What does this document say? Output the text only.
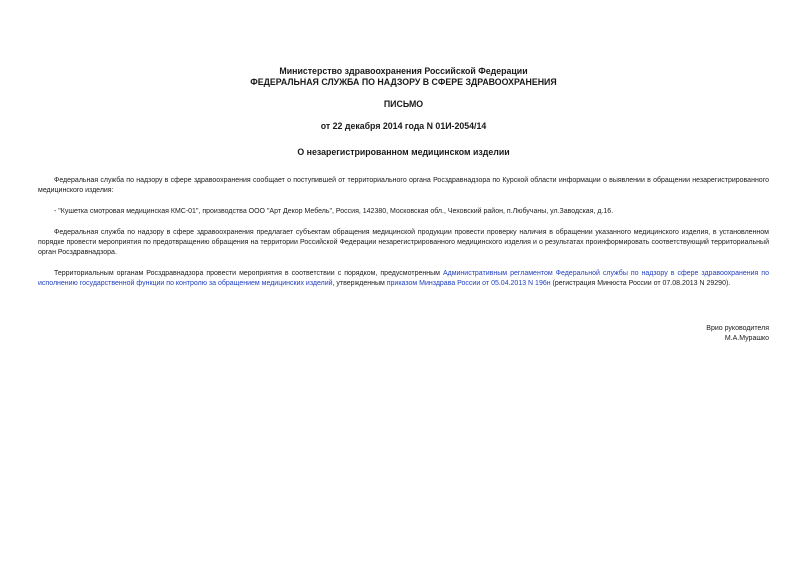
Министерство здравоохранения Российской Федерации
ФЕДЕРАЛЬНАЯ СЛУЖБА ПО НАДЗОРУ В СФЕРЕ ЗДРАВООХРАНЕНИЯ
ПИСЬМО
от 22 декабря 2014 года N 01И-2054/14
О незарегистрированном медицинском изделии

Федеральная служба по надзору в сфере здравоохранения сообщает о поступившей от территориального органа Росздравнадзора по Курской области информации о выявлении в обращении незарегистрированного медицинского изделия:

- "Кушетка смотровая медицинская КМС-01", производства ООО "Арт Декор Мебель", Россия, 142380, Московская обл., Чеховский район, п.Любучаны, ул.Заводская, д.16.

Федеральная служба по надзору в сфере здравоохранения предлагает субъектам обращения медицинской продукции провести проверку наличия в обращении указанного медицинского изделия, в установленном порядке провести мероприятия по предотвращению обращения на территории Российской Федерации незарегистрированного медицинского изделия и о результатах проинформировать соответствующий территориальный орган Росздравнадзора.

Территориальным органам Росздравнадзора провести мероприятия в соответствии с порядком, предусмотренным Административным регламентом Федеральной службы по надзору в сфере здравоохранения по исполнению государственной функции по контролю за обращением медицинских изделий, утвержденным приказом Минздрава России от 05.04.2013 N 196н (регистрация Минюста России от 07.08.2013 N 29290).

Врио руководителя
М.А.Мурашко
